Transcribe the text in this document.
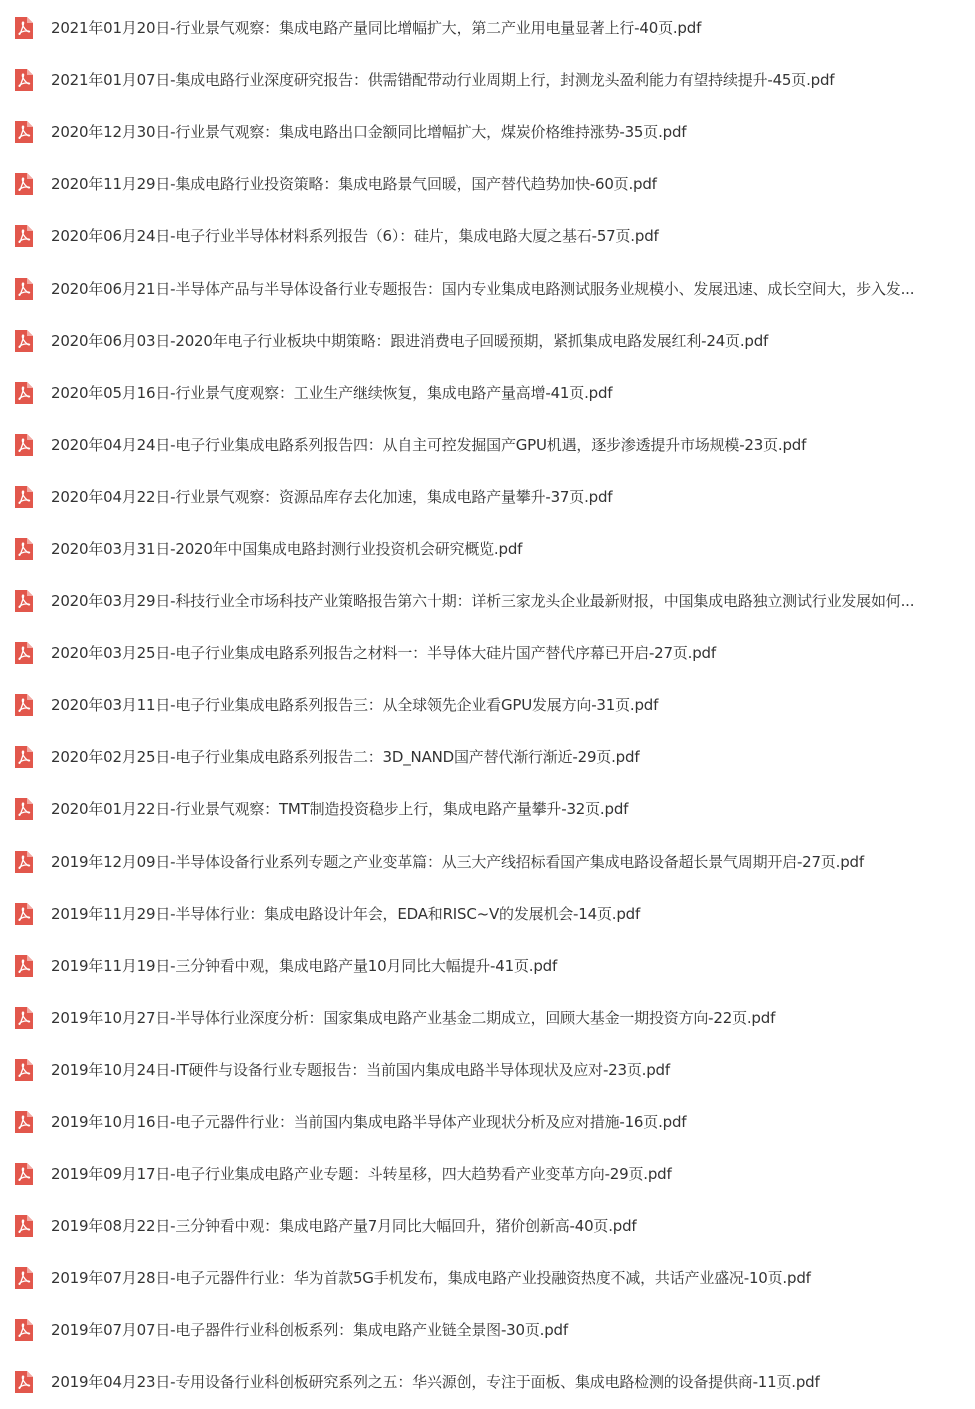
2021年01月20日-行业景气观察：集成电路产量同比增幅扩大，第二产业用电量显著上行-40页.pdf
2021年01月07日-集成电路行业深度研究报告：供需错配带动行业周期上行，封测龙头盈利能力有望持续提升-45页.pdf
2020年12月30日-行业景气观察：集成电路出口金额同比增幅扩大，煤炭价格维持涨势-35页.pdf
2020年11月29日-集成电路行业投资策略：集成电路景气回暖，国产替代趋势加快-60页.pdf
2020年06月24日-电子行业半导体材料系列报告（6）：硅片，集成电路大厦之基石-57页.pdf
2020年06月21日-半导体产品与半导体设备行业专题报告：国内专业集成电路测试服务业规模小、发展迅速、成长空间大，步入发...
2020年06月03日-2020年电子行业板块中期策略：跟进消费电子回暖预期，紧抓集成电路发展红利-24页.pdf
2020年05月16日-行业景气度观察：工业生产继续恢复，集成电路产量高增-41页.pdf
2020年04月24日-电子行业集成电路系列报告四：从自主可控发掘国产GPU机遇，逐步渗透提升市场规模-23页.pdf
2020年04月22日-行业景气观察：资源品库存去化加速，集成电路产量攀升-37页.pdf
2020年03月31日-2020年中国集成电路封测行业投资机会研究概览.pdf
2020年03月29日-科技行业全市场科技产业策略报告第六十期：详析三家龙头企业最新财报，中国集成电路独立测试行业发展如何...
2020年03月25日-电子行业集成电路系列报告之材料一：半导体大硅片国产替代序幕已开启-27页.pdf
2020年03月11日-电子行业集成电路系列报告三：从全球领先企业看GPU发展方向-31页.pdf
2020年02月25日-电子行业集成电路系列报告二：3D_NAND国产替代渐行渐近-29页.pdf
2020年01月22日-行业景气观察：TMT制造投资稳步上行，集成电路产量攀升-32页.pdf
2019年12月09日-半导体设备行业系列专题之产业变革篇：从三大产线招标看国产集成电路设备超长景气周期开启-27页.pdf
2019年11月29日-半导体行业：集成电路设计年会，EDA和RISC~V的发展机会-14页.pdf
2019年11月19日-三分钟看中观，集成电路产量10月同比大幅提升-41页.pdf
2019年10月27日-半导体行业深度分析：国家集成电路产业基金二期成立，回顾大基金一期投资方向-22页.pdf
2019年10月24日-IT硬件与设备行业专题报告：当前国内集成电路半导体现状及应对-23页.pdf
2019年10月16日-电子元器件行业：当前国内集成电路半导体产业现状分析及应对措施-16页.pdf
2019年09月17日-电子行业集成电路产业专题：斗转星移，四大趋势看产业变革方向-29页.pdf
2019年08月22日-三分钟看中观：集成电路产量7月同比大幅回升，猪价创新高-40页.pdf
2019年07月28日-电子元器件行业：华为首款5G手机发布，集成电路产业投融资热度不减，共话产业盛况-10页.pdf
2019年07月07日-电子器件行业科创板系列：集成电路产业链全景图-30页.pdf
2019年04月23日-专用设备行业科创板研究系列之五：华兴源创，专注于面板、集成电路检测的设备提供商-11页.pdf
